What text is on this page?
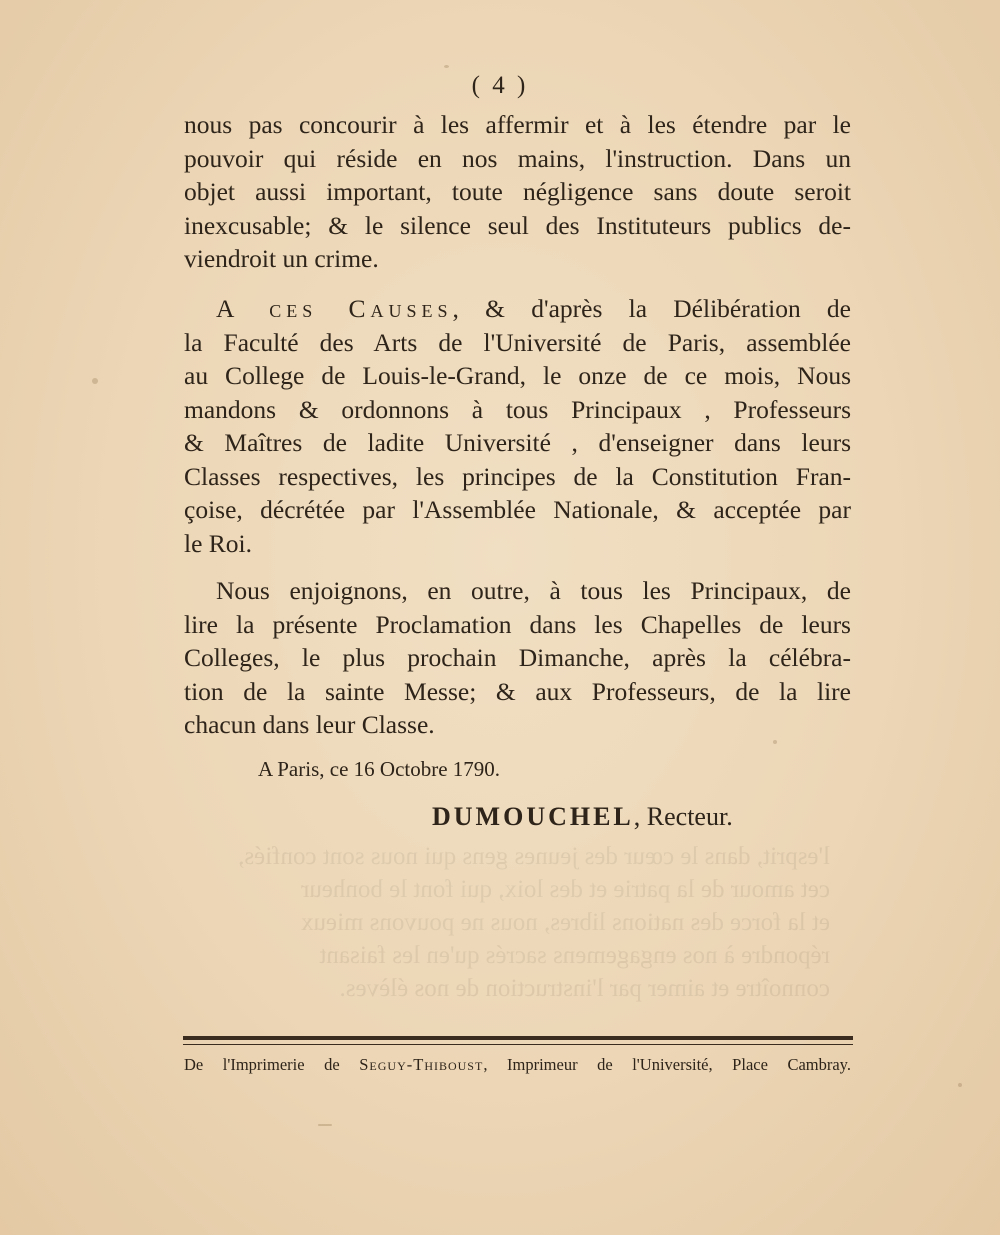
l'esprit, dans le cœur des jeunes gens qui nous sont confiés,
cet amour de la patrie et des loix, qui font le bonheur
et la force des nations libres, nous ne pouvons mieux
répondre à nos engagemens sacrés qu'en les faisant
connoître et aimer par l'instruction de nos élèves.
( 4 )
nous pas concourir à les affermir et à les étendre par le
pouvoir qui réside en nos mains, l'instruction. Dans un
objet aussi important, toute négligence sans doute seroit
inexcusable; & le silence seul des Instituteurs publics de-
viendroit un crime.
A ces Causes, & d'après la Délibération de
la Faculté des Arts de l'Université de Paris, assemblée
au College de Louis-le-Grand, le onze de ce mois, Nous
mandons & ordonnons à tous Principaux , Professeurs
& Maîtres de ladite Université , d'enseigner dans leurs
Classes respectives, les principes de la Constitution Fran-
çoise, décrétée par l'Assemblée Nationale, & acceptée par
le Roi.
Nous enjoignons, en outre, à tous les Principaux, de
lire la présente Proclamation dans les Chapelles de leurs
Colleges, le plus prochain Dimanche, après la célébra-
tion de la sainte Messe; & aux Professeurs, de la lire
chacun dans leur Classe.
A Paris, ce 16 Octobre 1790.
DUMOUCHEL, Recteur.
De l'Imprimerie de Seguy-Thiboust, Imprimeur de l'Université, Place Cambray.
